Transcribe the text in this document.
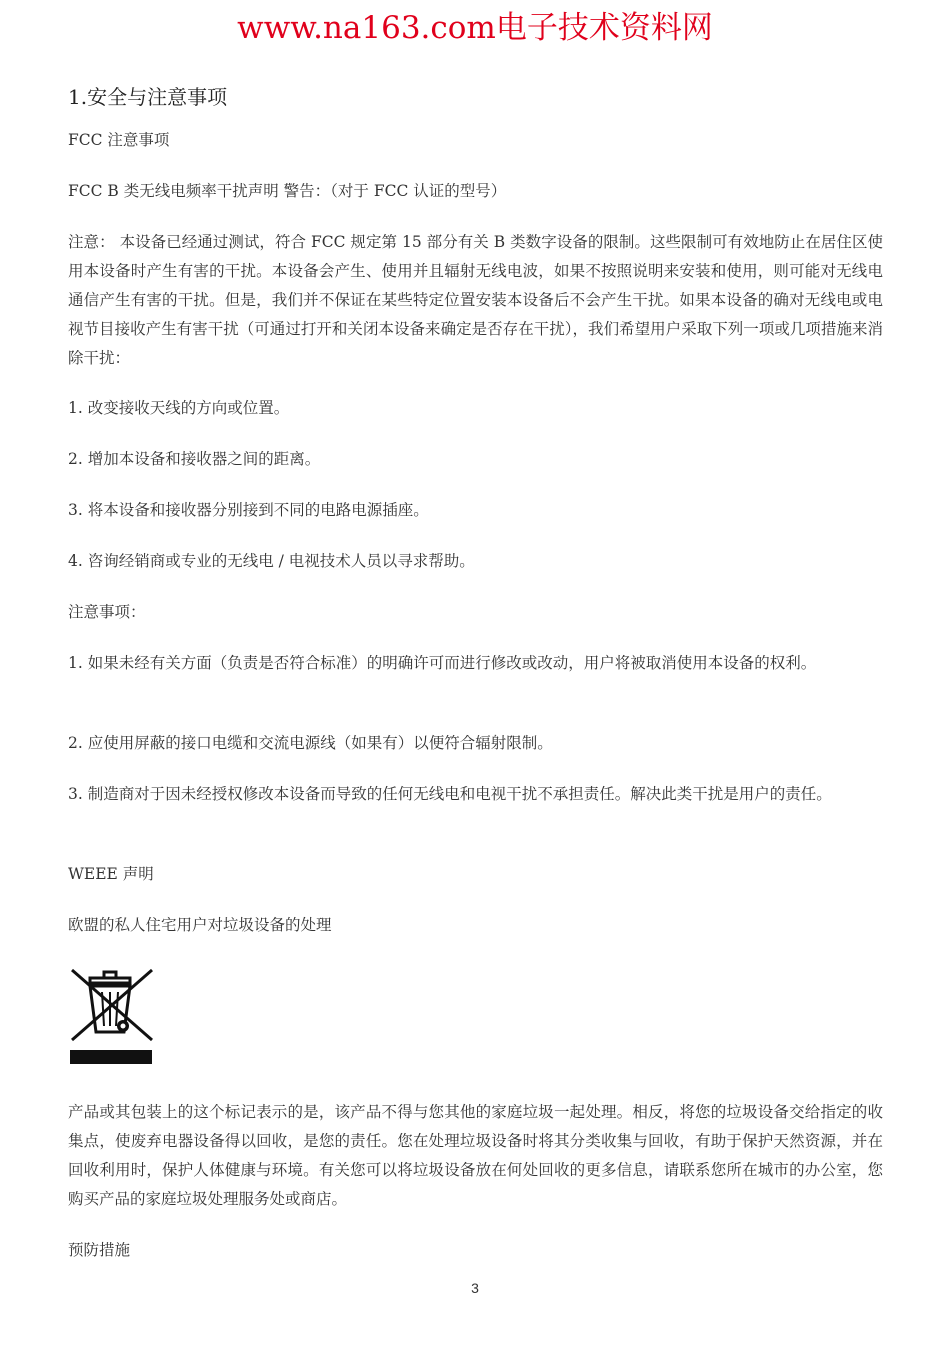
www.na163.com电子技术资料网

1.安全与注意事项

FCC 注意事项

FCC B 类无线电频率干扰声明 警告：（对于 FCC 认证的型号）

注意： 本设备已经通过测试，符合 FCC 规定第 15 部分有关 B 类数字设备的限制。这些限制可有效地防止在居住区使用本设备时产生有害的干扰。本设备会产生、使用并且辐射无线电波，如果不按照说明来安装和使用，则可能对无线电通信产生有害的干扰。但是，我们并不保证在某些特定位置安装本设备后不会产生干扰。如果本设备的确对无线电或电视节目接收产生有害干扰（可通过打开和关闭本设备来确定是否存在干扰），我们希望用户采取下列一项或几项措施来消除干扰：

1. 改变接收天线的方向或位置。

2. 增加本设备和接收器之间的距离。

3. 将本设备和接收器分别接到不同的电路电源插座。

4. 咨询经销商或专业的无线电 / 电视技术人员以寻求帮助。

注意事项：

1. 如果未经有关方面（负责是否符合标准）的明确许可而进行修改或改动，用户将被取消使用本设备的权利。

2. 应使用屏蔽的接口电缆和交流电源线（如果有）以便符合辐射限制。

3. 制造商对于因未经授权修改本设备而导致的任何无线电和电视干扰不承担责任。解决此类干扰是用户的责任。

WEEE 声明

欧盟的私人住宅用户对垃圾设备的处理

产品或其包装上的这个标记表示的是，该产品不得与您其他的家庭垃圾一起处理。相反，将您的垃圾设备交给指定的收集点，使废弃电器设备得以回收，是您的责任。您在处理垃圾设备时将其分类收集与回收，有助于保护天然资源，并在回收利用时，保护人体健康与环境。有关您可以将垃圾设备放在何处回收的更多信息，请联系您所在城市的办公室，您购买产品的家庭垃圾处理服务处或商店。

预防措施

3
